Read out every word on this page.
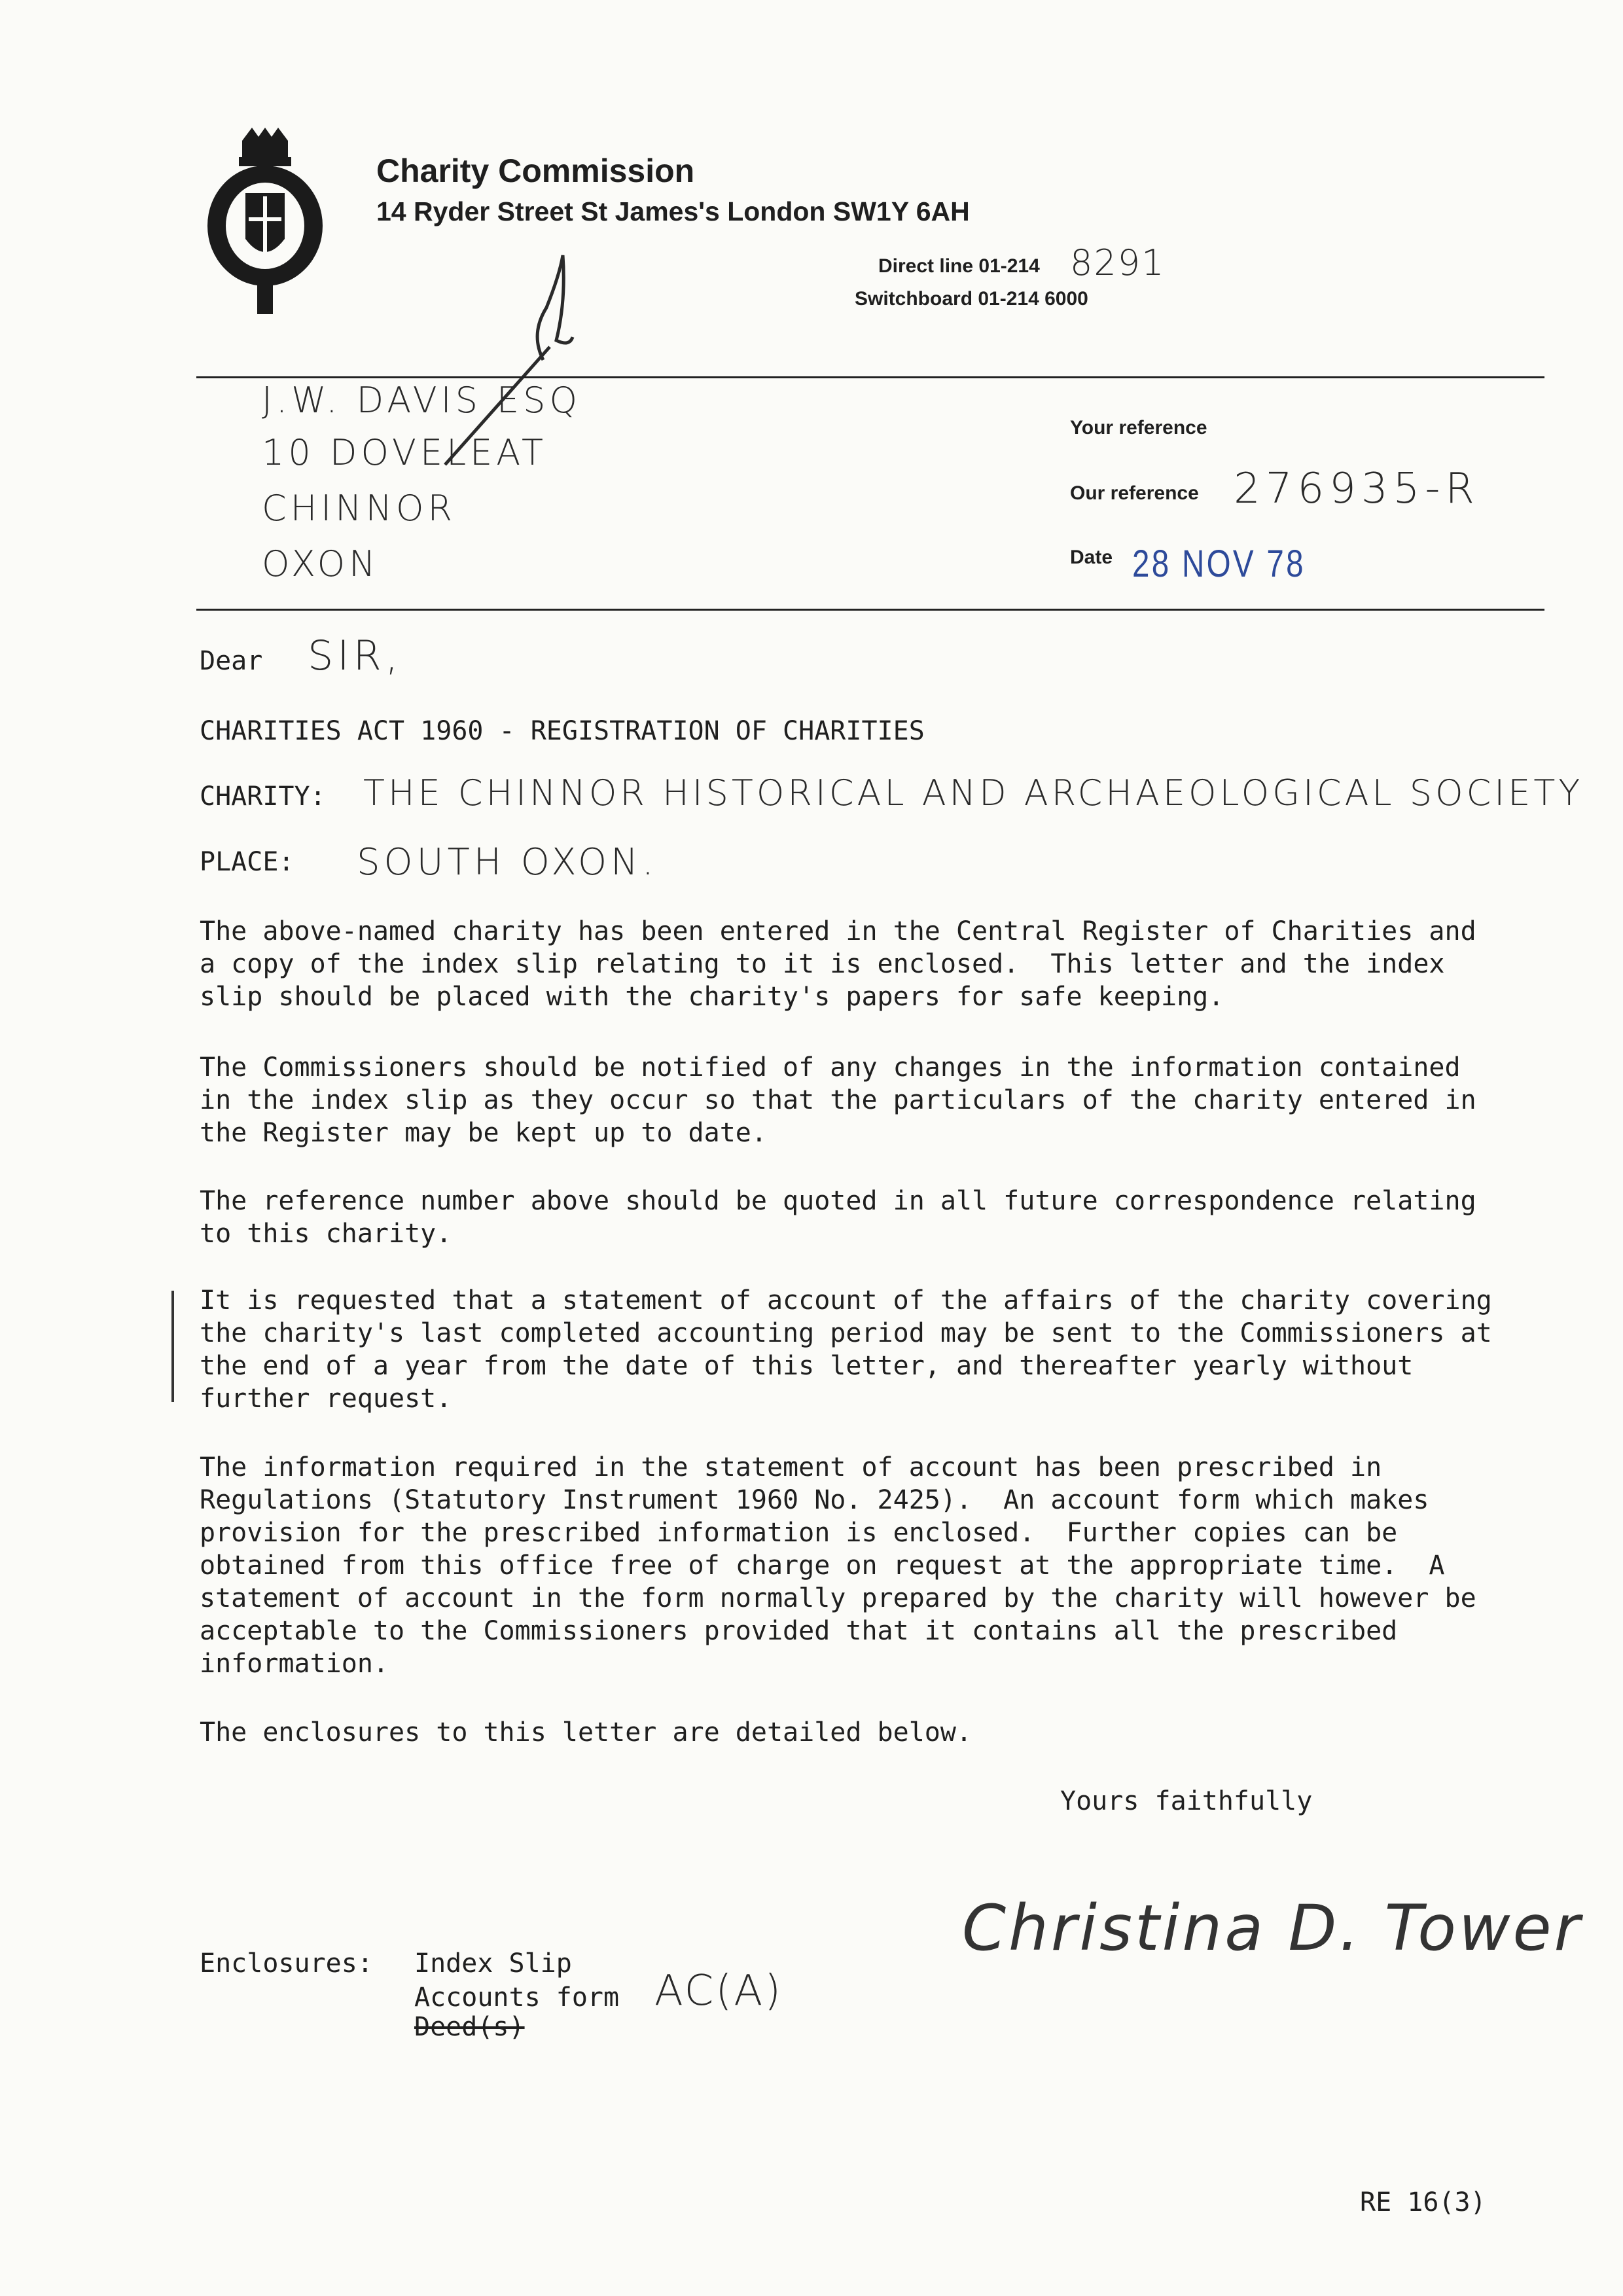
Charity Commission
14 Ryder Street St James's London SW1Y 6AH
Direct line 01-214 8291
Switchboard 01-214 6000
J.W. DAVIS ESQ
10 DOVELEAT
CHINNOR
OXON
Your reference
Our reference 276935-R
Date 28 NOV 78
Dear SIR,
CHARITIES ACT 1960 - REGISTRATION OF CHARITIES
CHARITY: THE CHINNOR HISTORICAL AND ARCHAEOLOGICAL SOCIETY
PLACE: SOUTH OXON.
The above-named charity has been entered in the Central Register of Charities and
a copy of the index slip relating to it is enclosed.  This letter and the index
slip should be placed with the charity's papers for safe keeping.
The Commissioners should be notified of any changes in the information contained
in the index slip as they occur so that the particulars of the charity entered in
the Register may be kept up to date.
The reference number above should be quoted in all future correspondence relating
to this charity.
It is requested that a statement of account of the affairs of the charity covering
the charity's last completed accounting period may be sent to the Commissioners at
the end of a year from the date of this letter, and thereafter yearly without
further request.
The information required in the statement of account has been prescribed in
Regulations (Statutory Instrument 1960 No. 2425).  An account form which makes
provision for the prescribed information is enclosed.  Further copies can be
obtained from this office free of charge on request at the appropriate time.  A
statement of account in the form normally prepared by the charity will however be
acceptable to the Commissioners provided that it contains all the prescribed
information.
The enclosures to this letter are detailed below.
Yours faithfully
Christina D. Tower
Enclosures: Index Slip
Accounts form AC(A)
Deed(s)
RE 16(3)
